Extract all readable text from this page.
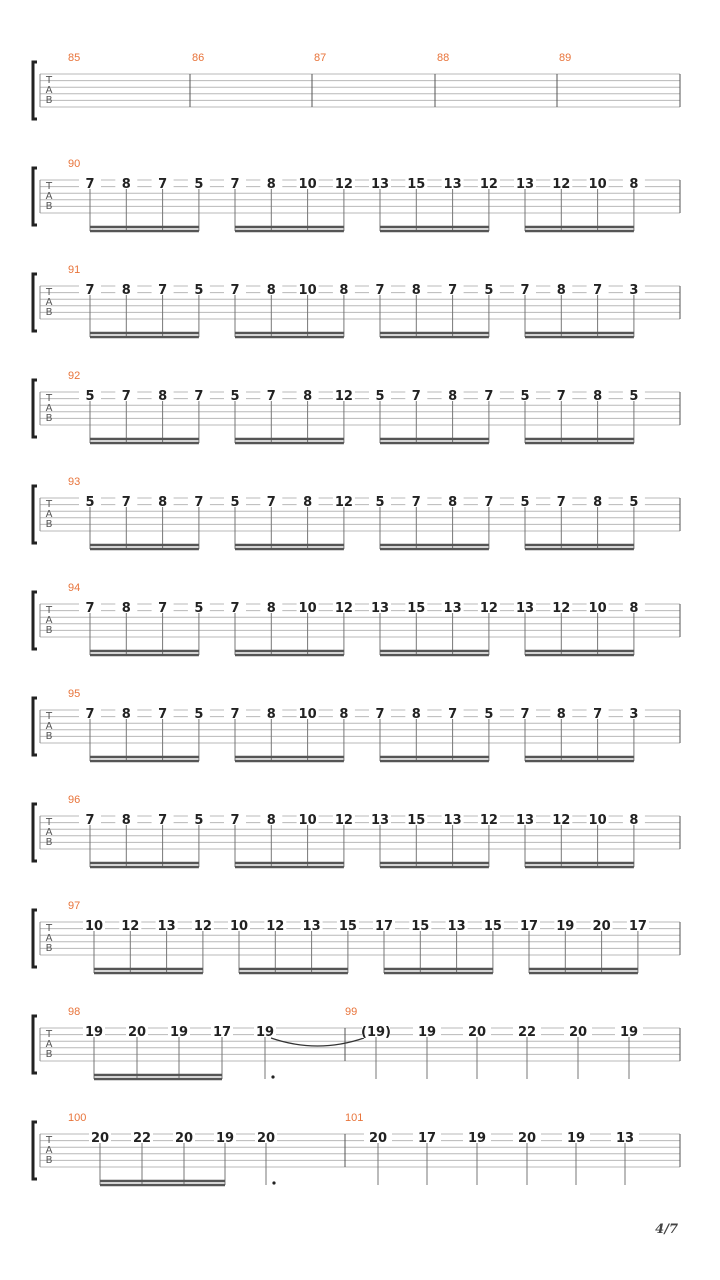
T
A
B
85	86	87	88	89
T
A
B
90
7 8 7 5 7 8 10 12 13 15 13 12 13 12 10 8
T
A
B
91
7 8 7 5 7 8 10 8 7 8 7 5 7 8 7 3
T
A
B
92
5 7 8 7 5 7 8 12 5 7 8 7 5 7 8 5
T
A
B
93
5 7 8 7 5 7 8 12 5 7 8 7 5 7 8 5
T
A
B
94
7 8 7 5 7 8 10 12 13 15 13 12 13 12 10 8
T
A
B
95
7 8 7 5 7 8 10 8 7 8 7 5 7 8 7 3
T
A
B
96
7 8 7 5 7 8 10 12 13 15 13 12 13 12 10 8
T
A
B
97
10 12 13 12 10 12 13 15 17 15 13 15 17 19 20 17
T
A
B
98	99
19 20 19 17 19	(19) 19 20 22	20	19
T
A
B
100	101
20 22 20 19 20	20 17 19 20 19 13
4/7
